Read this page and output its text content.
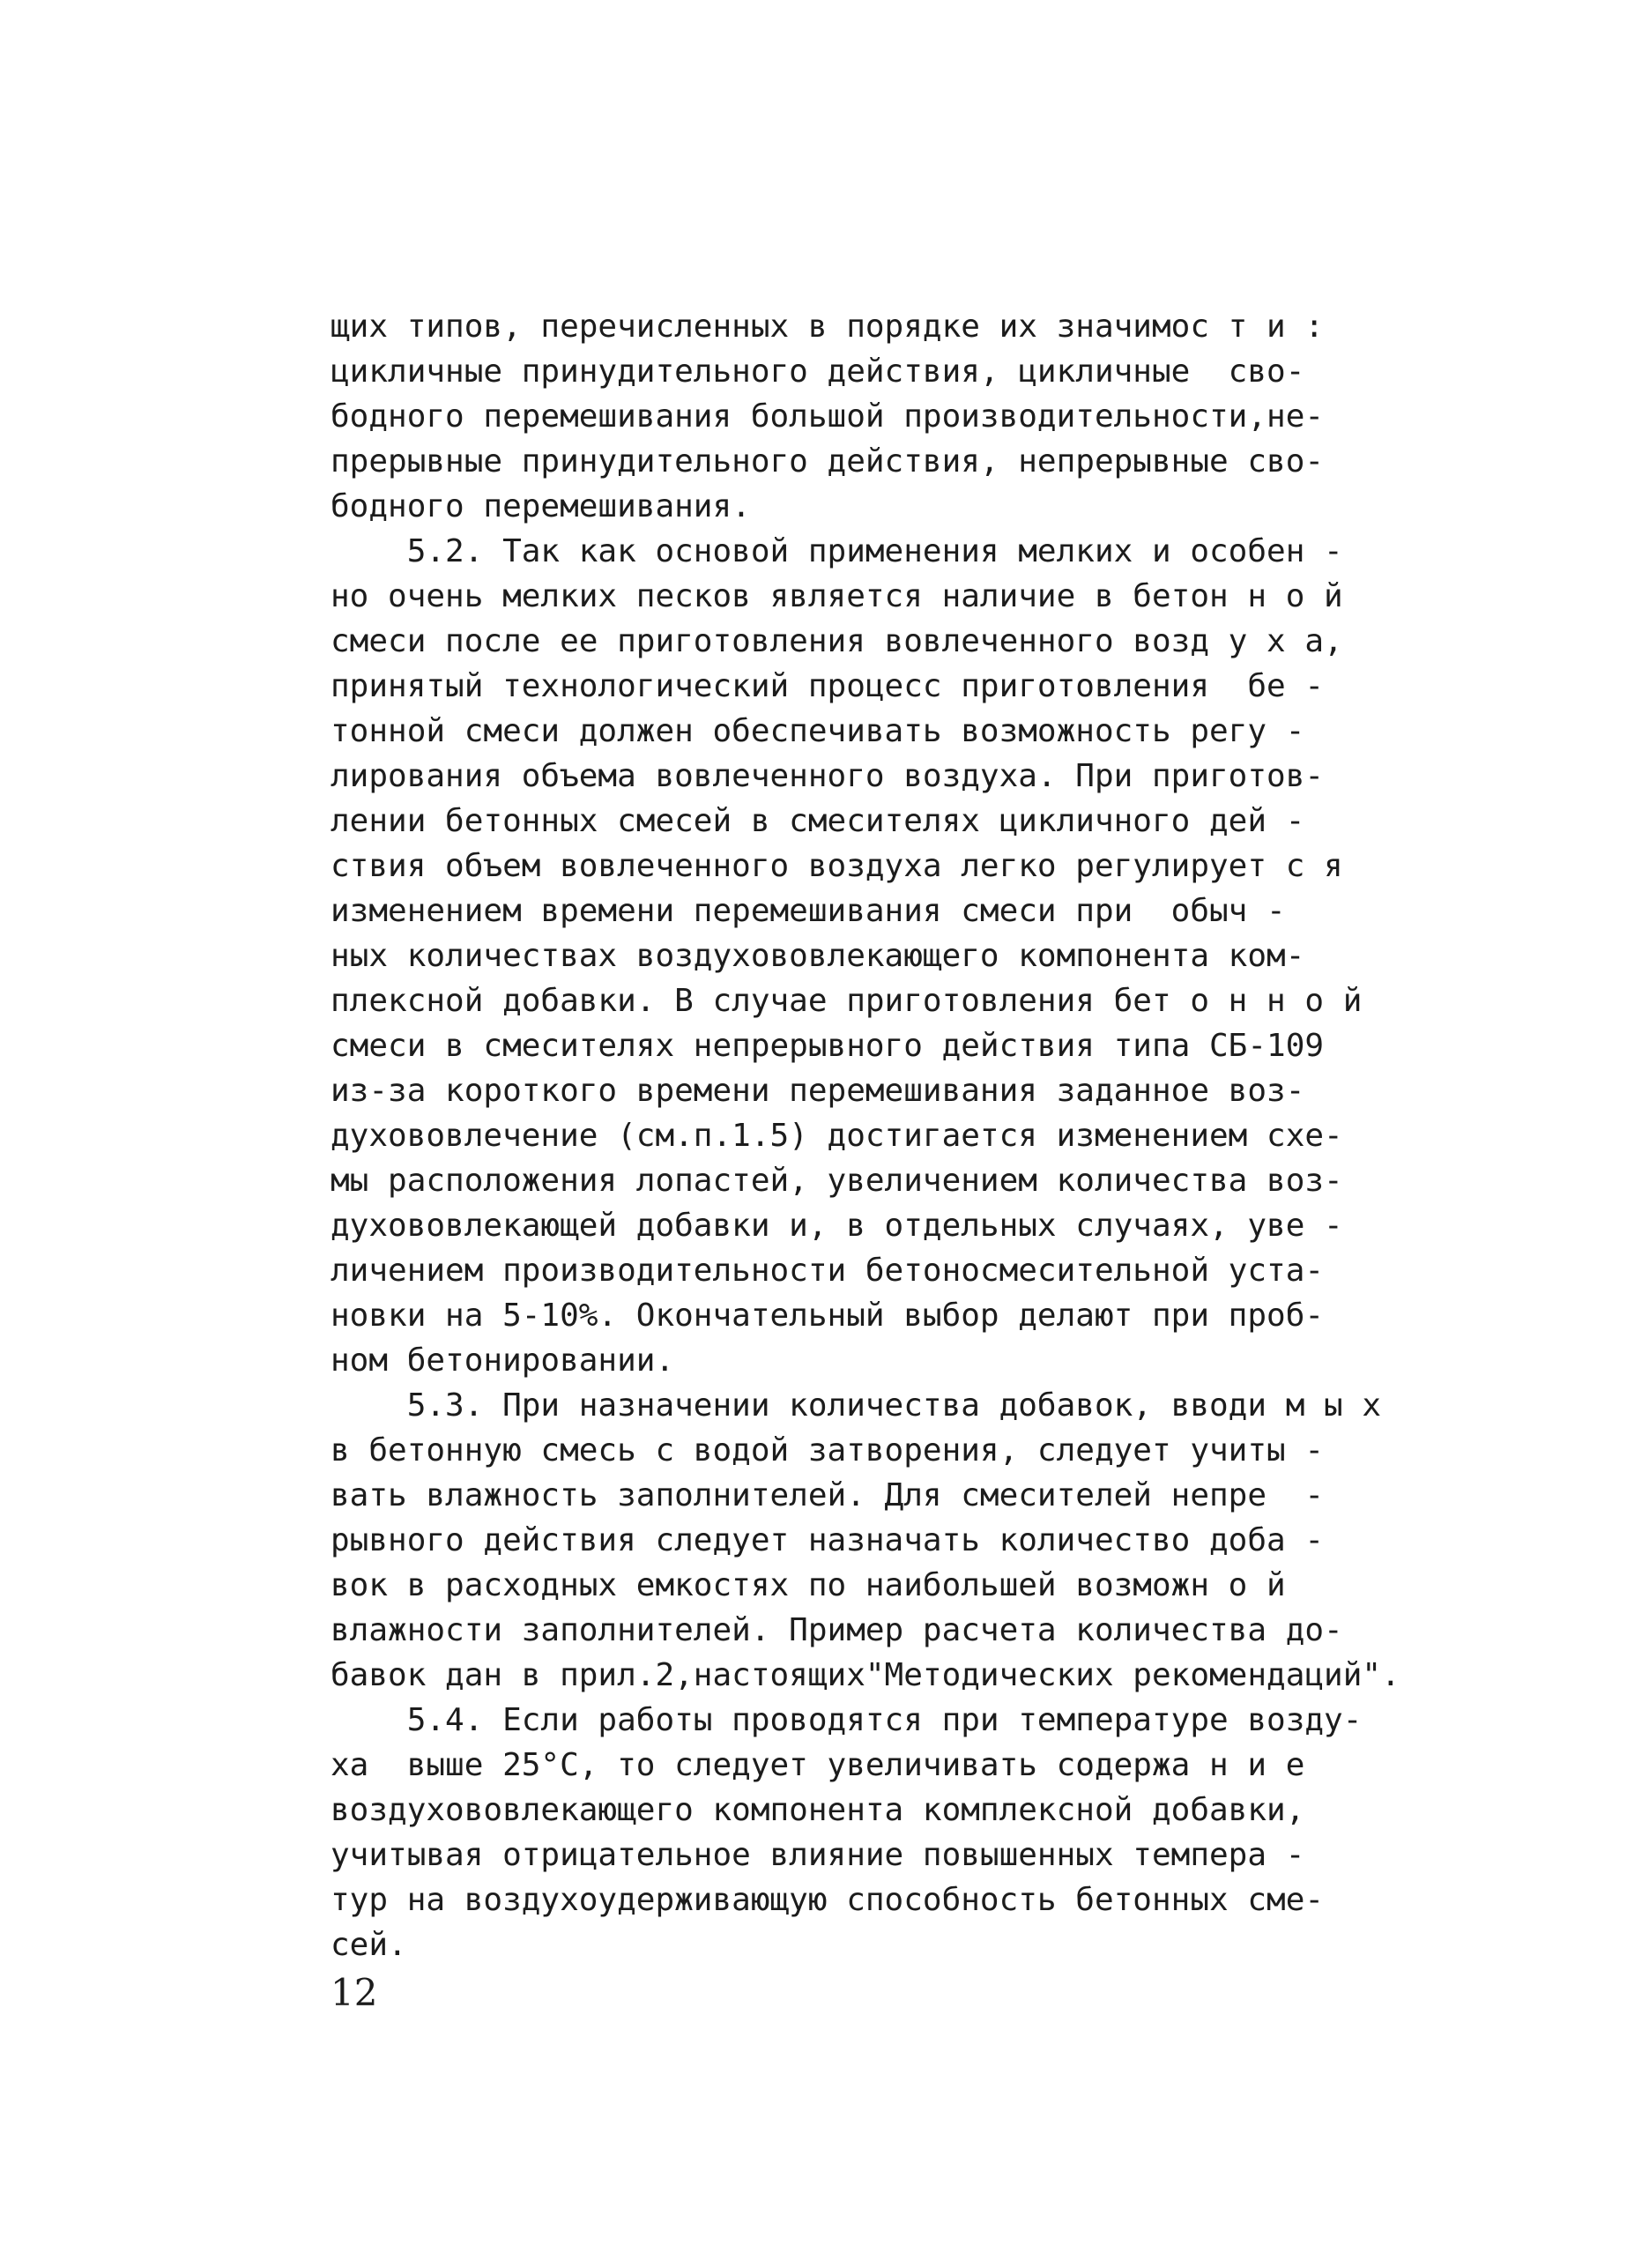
щих типов, перечисленных в порядке их значимос т и :
цикличные принудительного действия, цикличные  сво-
бодного перемешивания большой производительности,не-
прерывные принудительного действия, непрерывные сво-
бодного перемешивания.
5.2. Так как основой применения мелких и особен -
но очень мелких песков является наличие в бетон н о й
смеси после ее приготовления вовлеченного возд у х а,
принятый технологический процесс приготовления  бе -
тонной смеси должен обеспечивать возможность регу -
лирования объема вовлеченного воздуха. При приготов-
лении бетонных смесей в смесителях цикличного дей -
ствия объем вовлеченного воздуха легко регулирует с я
изменением времени перемешивания смеси при  обыч -
ных количествах воздухововлекающего компонента ком-
плексной добавки. В случае приготовления бет о н н о й
смеси в смесителях непрерывного действия типа СБ-109
из-за короткого времени перемешивания заданное воз-
духововлечение (см.п.1.5) достигается изменением схе-
мы расположения лопастей, увеличением количества воз-
духововлекающей добавки и, в отдельных случаях, уве -
личением производительности бетоносмесительной уста-
новки на 5-10%. Окончательный выбор делают при проб-
ном бетонировании.
5.3. При назначении количества добавок, вводи м ы х
в бетонную смесь с водой затворения, следует учиты -
вать влажность заполнителей. Для смесителей непре  -
рывного действия следует назначать количество доба -
вок в расходных емкостях по наибольшей возможн о й
влажности заполнителей. Пример расчета количества до-
бавок дан в прил.2,настоящих"Методических рекомендаций".
5.4. Если работы проводятся при температуре возду-
ха  выше 25°С, то следует увеличивать содержа н и е
воздухововлекающего компонента комплексной добавки,
учитывая отрицательное влияние повышенных темпера -
тур на воздухоудерживающую способность бетонных сме-
сей.
12
